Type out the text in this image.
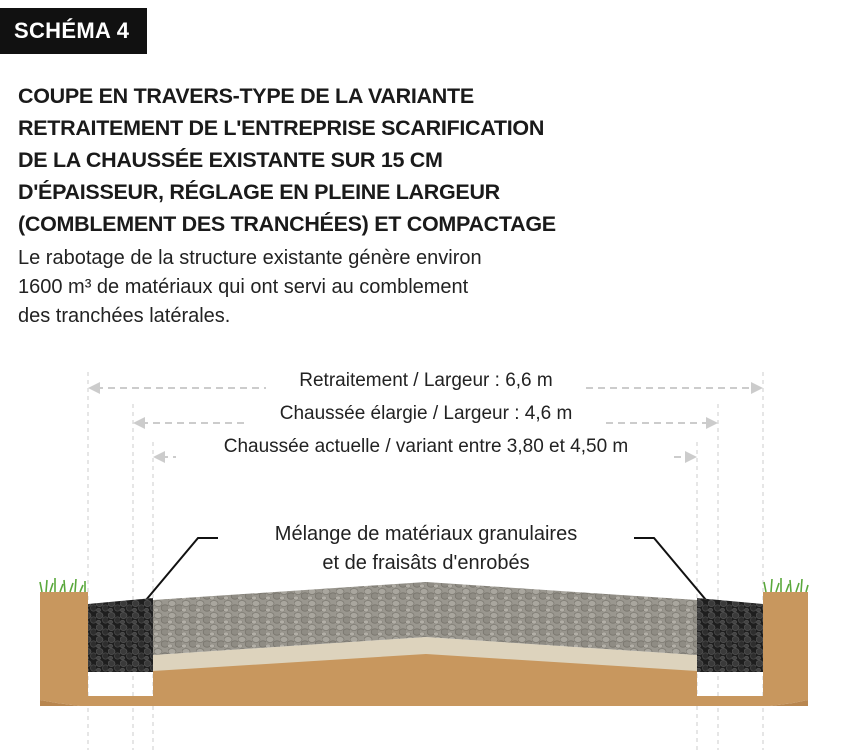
SCHÉMA 4
COUPE EN TRAVERS-TYPE DE LA VARIANTE
RETRAITEMENT DE L'ENTREPRISE SCARIFICATION
DE LA CHAUSSÉE EXISTANTE SUR 15 CM
D'ÉPAISSEUR, RÉGLAGE EN PLEINE LARGEUR
(COMBLEMENT DES TRANCHÉES) ET COMPACTAGE

Le rabotage de la structure existante génère environ
1600 m³ de matériaux qui ont servi au comblement
des tranchées latérales.

Retraitement / Largeur : 6,6 m
Chaussée élargie / Largeur : 4,6 m
Chaussée actuelle / variant entre 3,80 et 4,50 m
Mélange de matériaux granulaires
et de fraisâts d'enrobés
